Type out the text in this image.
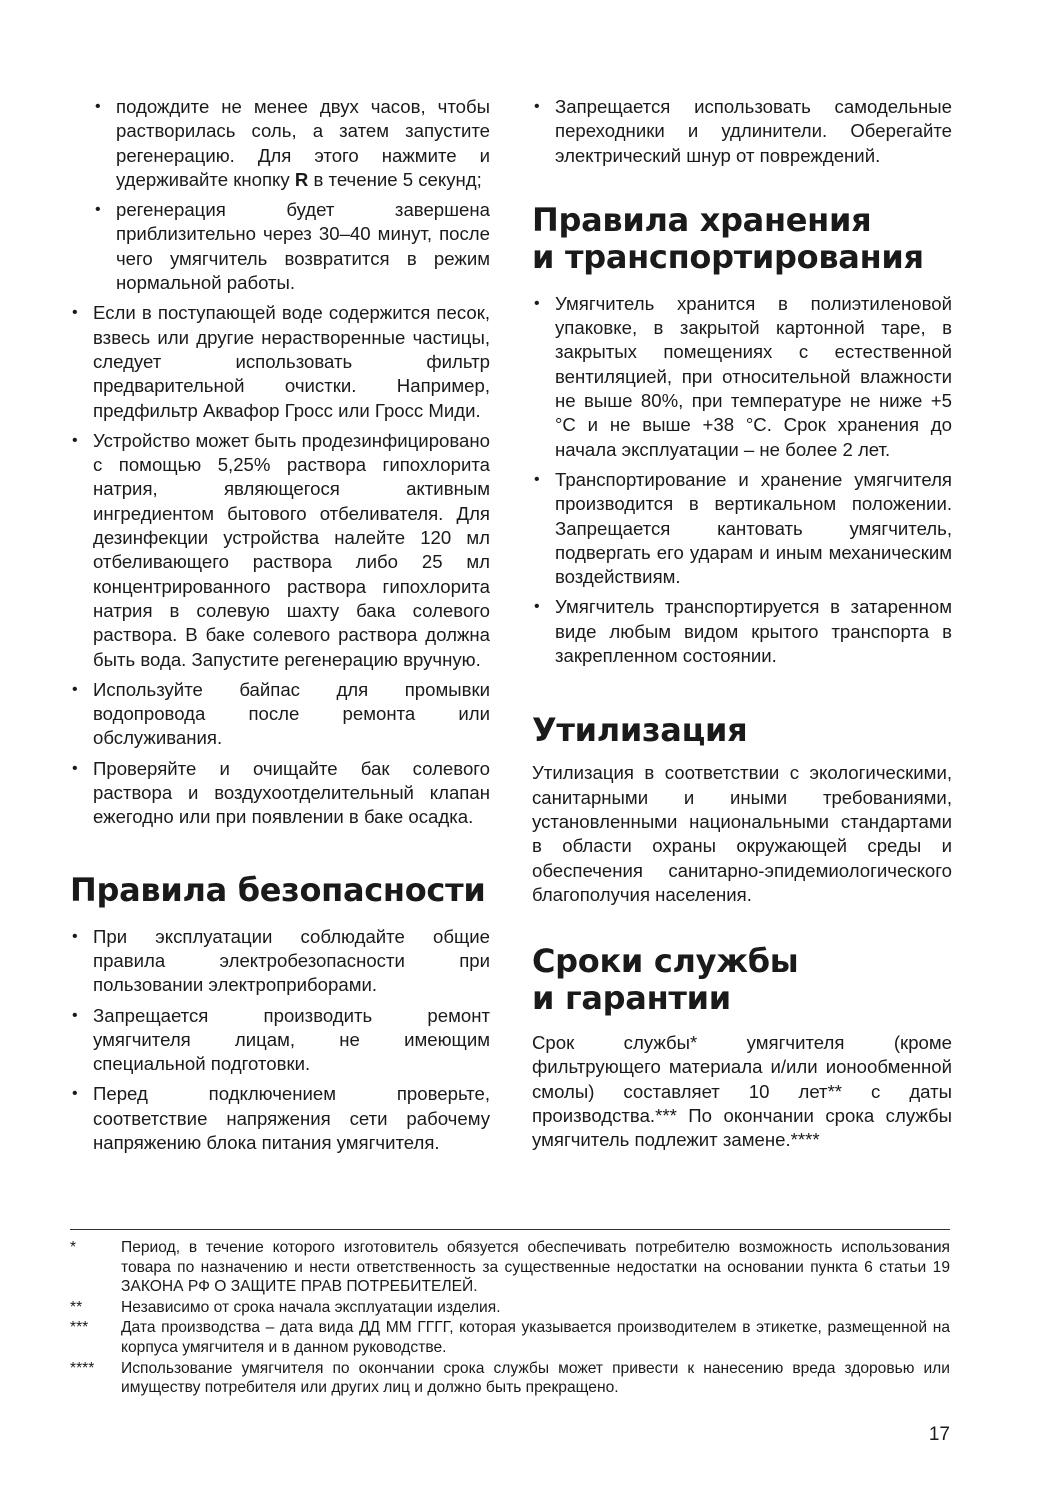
• подождите не менее двух часов, чтобы растворилась соль, а затем запустите регенерацию. Для этого нажмите и удерживайте кнопку R в течение 5 секунд;
• регенерация будет завершена приблизительно через 30–40 минут, после чего умягчитель возвратится в режим нормальной работы.
• Если в поступающей воде содержится песок, взвесь или другие нерастворенные частицы, следует использовать фильтр предварительной очистки. Например, предфильтр Аквафор Гросс или Гросс Миди.
• Устройство может быть продезинфицировано с помощью 5,25% раствора гипохлорита натрия, являющегося активным ингредиентом бытового отбеливателя. Для дезинфекции устройства налейте 120 мл отбеливающего раствора либо 25 мл концентрированного раствора гипохлорита натрия в солевую шахту бака солевого раствора. В баке солевого раствора должна быть вода. Запустите регенерацию вручную.
• Используйте байпас для промывки водопровода после ремонта или обслуживания.
• Проверяйте и очищайте бак солевого раствора и воздухоотделительный клапан ежегодно или при появлении в баке осадка.
Правила безопасности
• При эксплуатации соблюдайте общие правила электробезопасности при пользовании электроприборами.
• Запрещается производить ремонт умягчителя лицам, не имеющим специальной подготовки.
• Перед подключением проверьте, соответствие напряжения сети рабочему напряжению блока питания умягчителя.
• Запрещается использовать самодельные переходники и удлинители. Оберегайте электрический шнур от повреждений.
Правила хранения
и транспортирования
• Умягчитель хранится в полиэтиленовой упаковке, в закрытой картонной таре, в закрытых помещениях с естественной вентиляцией, при относительной влажности не выше 80%, при температуре не ниже +5 °C и не выше +38 °C. Срок хранения до начала эксплуатации – не более 2 лет.
• Транспортирование и хранение умягчителя производится в вертикальном положении. Запрещается кантовать умягчитель, подвергать его ударам и иным механическим воздействиям.
• Умягчитель транспортируется в затаренном виде любым видом крытого транспорта в закрепленном состоянии.
Утилизация

Утилизация в соответствии с экологическими, санитарными и иными требованиями, установленными национальными стандартами в области охраны окружающей среды и обеспечения санитарно-эпидемиологического благополучия населения.

Сроки службы
и гарантии

Срок службы* умягчителя (кроме фильтрующего материала и/или ионообменной смолы) составляет 10 лет** с даты производства.*** По окончании срока службы умягчитель подлежит замене.****

*	Период, в течение которого изготовитель обязуется обеспечивать потребителю возможность использования товара по назначению и нести ответственность за существенные недостатки на основании пункта 6 статьи 19 ЗАКОНА РФ О ЗАЩИТЕ ПРАВ ПОТРЕБИТЕЛЕЙ.
**	Независимо от срока начала эксплуатации изделия.
***	Дата производства – дата вида ДД ММ ГГГГ, которая указывается производителем в этикетке, размещенной на корпуса умягчителя и в данном руководстве.
****	Использование умягчителя по окончании срока службы может привести к нанесению вреда здоровью или имуществу потребителя или других лиц и должно быть прекращено.
17
